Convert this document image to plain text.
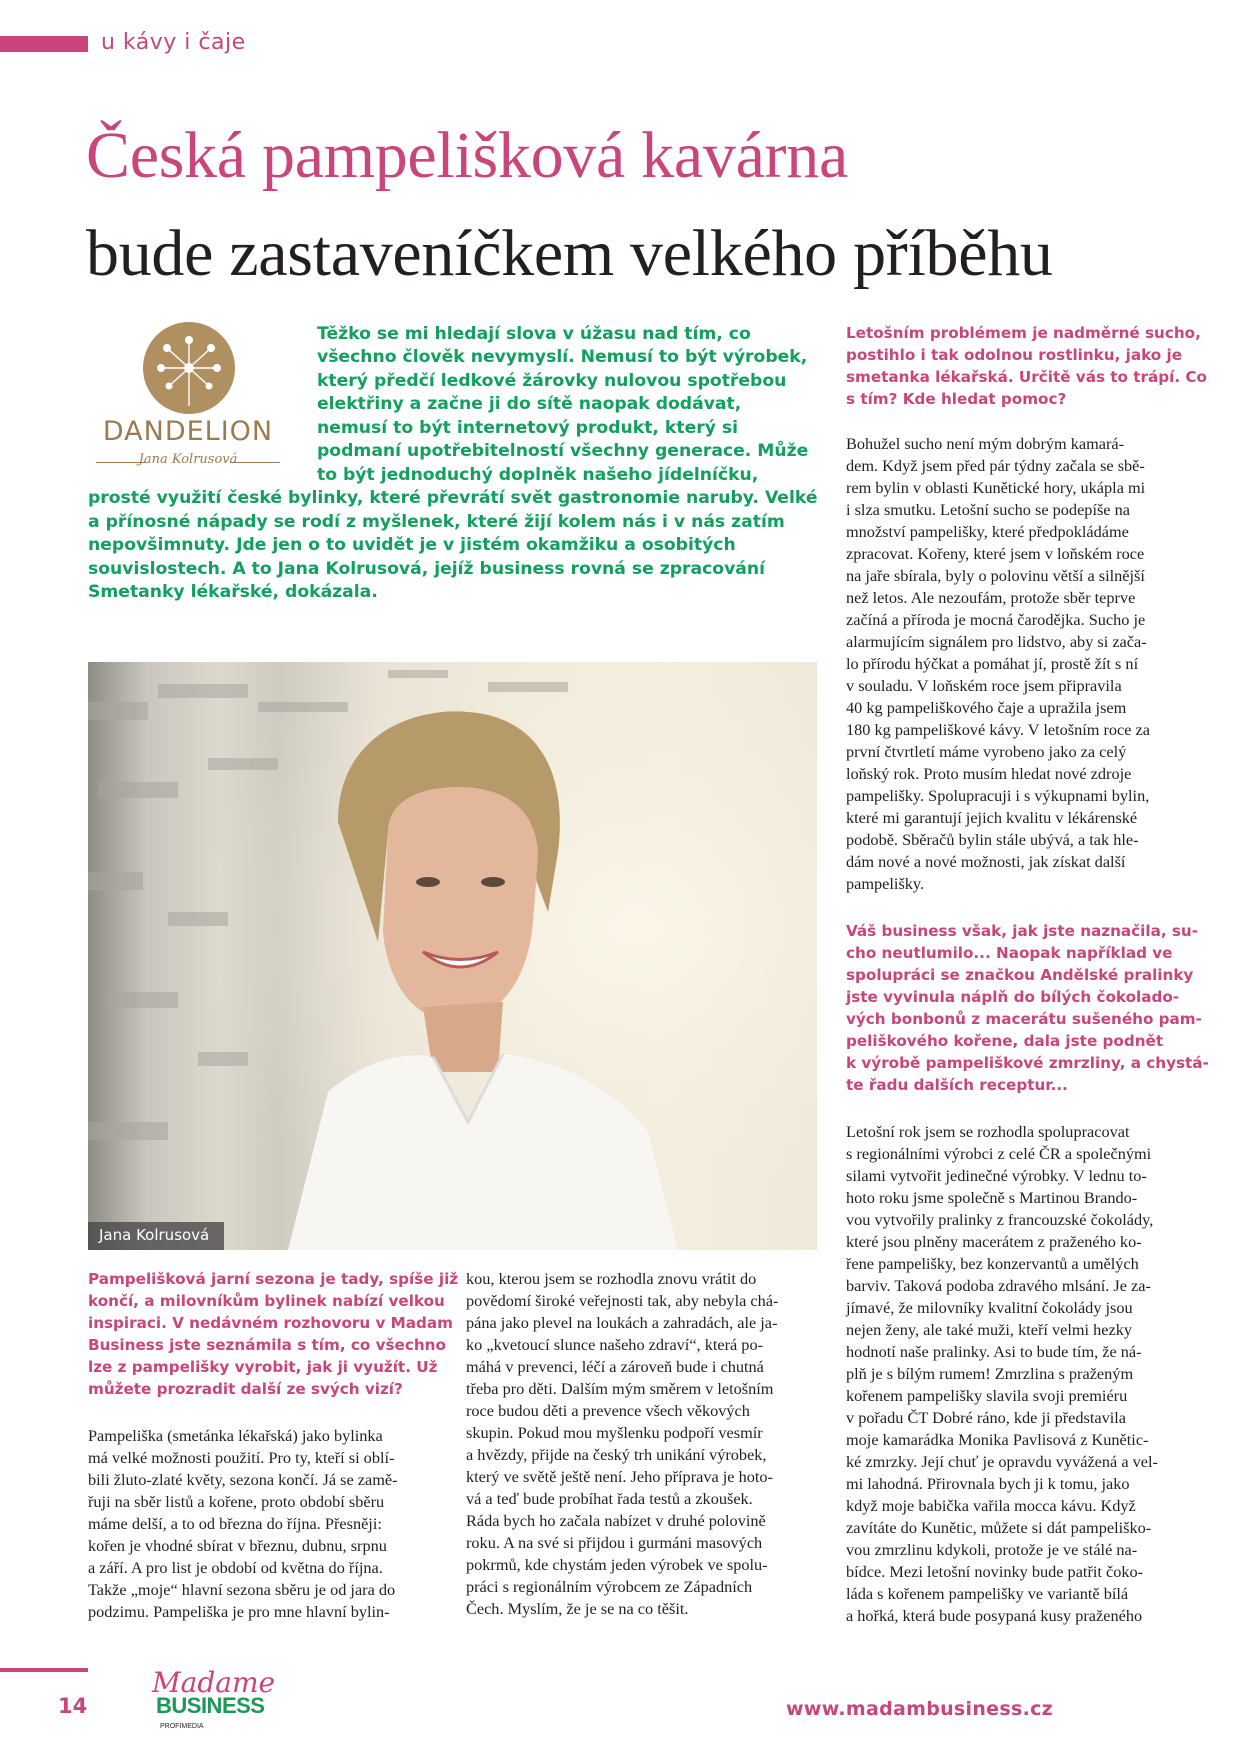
u kávy i čaje
Česká pampelišková kavárna
bude zastaveníčkem velkého příběhu
DANDELION
Jana Kolrusová
Těžko se mi hledají slova v úžasu nad tím, co
všechno člověk nevymyslí. Nemusí to být výrobek,
který předčí ledkové žárovky nulovou spotřebou
elektřiny a začne ji do sítě naopak dodávat,
nemusí to být internetový produkt, který si
podmaní upotřebitelností všechny generace. Může
to být jednoduchý doplněk našeho jídelníčku,
prosté využití české bylinky, které převrátí svět gastronomie naruby. Velké
a přínosné nápady se rodí z myšlenek, které žijí kolem nás i v nás zatím
nepovšimnuty. Jde jen o to uvidět je v jistém okamžiku a osobitých
souvislostech. A to Jana Kolrusová, jejíž business rovná se zpracování
Smetanky lékařské, dokázala.
Jana Kolrusová
Pampelišková jarní sezona je tady, spíše již
končí, a milovníkům bylinek nabízí velkou
inspiraci. V nedávném rozhovoru v Madam
Business jste seznámila s tím, co všechno
lze z pampelišky vyrobit, jak ji využít. Už
můžete prozradit další ze svých vizí?
Pampeliška (smetánka lékařská) jako bylinka
má velké možnosti použití. Pro ty, kteří si oblí-
bili žluto-zlaté květy, sezona končí. Já se zamě-
řuji na sběr listů a kořene, proto období sběru
máme delší, a to od března do října. Přesněji:
kořen je vhodné sbírat v březnu, dubnu, srpnu
a září. A pro list je období od května do října.
Takže „moje“ hlavní sezona sběru je od jara do
podzimu. Pampeliška je pro mne hlavní bylin-
kou, kterou jsem se rozhodla znovu vrátit do
povědomí široké veřejnosti tak, aby nebyla chá-
pána jako plevel na loukách a zahradách, ale ja-
ko „kvetoucí slunce našeho zdraví“, která po-
máhá v prevenci, léčí a zároveň bude i chutná
třeba pro děti. Dalším mým směrem v letošním
roce budou děti a prevence všech věkových
skupin. Pokud mou myšlenku podpoří vesmír
a hvězdy, přijde na český trh unikání výrobek,
který ve světě ještě není. Jeho příprava je hoto-
vá a teď bude probíhat řada testů a zkoušek.
Ráda bych ho začala nabízet v druhé polovině
roku. A na své si přijdou i gurmáni masových
pokrmů, kde chystám jeden výrobek ve spolu-
práci s regionálním výrobcem ze Západních
Čech. Myslím, že je se na co těšit.
Letošním problémem je nadměrné sucho,
postihlo i tak odolnou rostlinku, jako je
smetanka lékařská. Určitě vás to trápí. Co
s tím? Kde hledat pomoc?
Bohužel sucho není mým dobrým kamará-
dem. Když jsem před pár týdny začala se sbě-
rem bylin v oblasti Kunětické hory, ukápla mi
i slza smutku. Letošní sucho se podepíše na
množství pampelišky, které předpokládáme
zpracovat. Kořeny, které jsem v loňském roce
na jaře sbírala, byly o polovinu větší a silnější
než letos. Ale nezoufám, protože sběr teprve
začíná a příroda je mocná čarodějka. Sucho je
alarmujícím signálem pro lidstvo, aby si zača-
lo přírodu hýčkat a pomáhat jí, prostě žít s ní
v souladu. V loňském roce jsem připravila
40 kg pampeliškového čaje a upražila jsem
180 kg pampeliškové kávy. V letošním roce za
první čtvrtletí máme vyrobeno jako za celý
loňský rok. Proto musím hledat nové zdroje
pampelišky. Spolupracuji i s výkupnami bylin,
které mi garantují jejich kvalitu v lékárenské
podobě. Sběračů bylin stále ubývá, a tak hle-
dám nové a nové možnosti, jak získat další
pampelišky.
Váš business však, jak jste naznačila, su-
cho neutlumilo... Naopak například ve
spolupráci se značkou Andělské pralinky
jste vyvinula náplň do bílých čokolado-
vých bonbonů z macerátu sušeného pam-
peliškového kořene, dala jste podnět
k výrobě pampeliškové zmrzliny, a chystá-
te řadu dalších receptur...
Letošní rok jsem se rozhodla spolupracovat
s regionálními výrobci z celé ČR a společnými
silami vytvořit jedinečné výrobky. V lednu to-
hoto roku jsme společně s Martinou Brando-
vou vytvořily pralinky z francouzské čokolády,
které jsou plněny macerátem z praženého ko-
řene pampelišky, bez konzervantů a umělých
barviv. Taková podoba zdravého mlsání. Je za-
jímavé, že milovníky kvalitní čokolády jsou
nejen ženy, ale také muži, kteří velmi hezky
hodnotí naše pralinky. Asi to bude tím, že ná-
plň je s bílým rumem! Zmrzlina s praženým
kořenem pampelišky slavila svoji premiéru
v pořadu ČT Dobré ráno, kde ji představila
moje kamarádka Monika Pavlisová z Kunětic-
ké zmrzky. Její chuť je opravdu vyvážená a vel-
mi lahodná. Přirovnala bych ji k tomu, jako
když moje babička vařila mocca kávu. Když
zavítáte do Kunětic, můžete si dát pampeliško-
vou zmrzlinu kdykoli, protože je ve stálé na-
bídce. Mezi letošní novinky bude patřit čoko-
láda s kořenem pampelišky ve variantě bílá
a hořká, která bude posypaná kusy praženého
14
Madame
BUSINESS
PROFIMEDIA
www.madambusiness.cz
